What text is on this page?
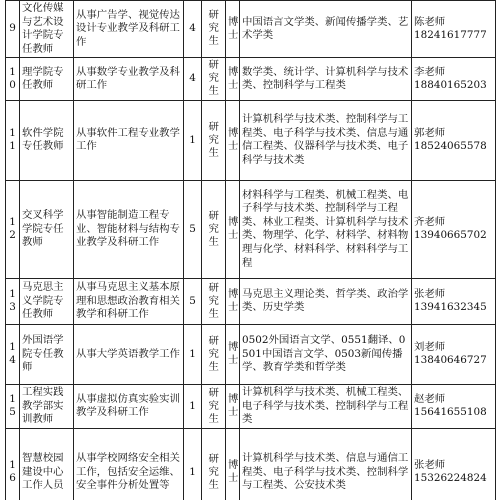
9	文化传媒与艺术设计学院专任教师	从事广告学、视觉传达设计专业教学及科研工作	4	研究生	博士	中国语言文学类、新闻传播学类、艺术学类	陈老师
18241617777

10	理学院专任教师	从事数学专业教学及科研工作	4	研究生	博士	数学类、统计学、计算机科学与技术类、控制科学与工程类	李老师
18840165203

11	软件学院专任教师	从事软件工程专业教学工作	1	研究生	博士	计算机科学与技术类、控制科学与工程类、电子科学与技术类、信息与通信工程类、仪器科学与技术类、电子科学与技术类	郭老师
18524065578

12	交叉科学学院专任教师	从事智能制造工程专业、智能材料与结构专业教学及科研工作	5	研究生	博士	材料科学与工程类、机械工程类、电子科学与技术类、控制科学与工程类、林业工程类、计算机科学与技术类、物理学、化学、材料学、材料物理与化学、材料科学、材料科学与工程	齐老师
13940665702

13	马克思主义学院专任教师	从事马克思主义基本原理和思想政治教育相关教学和科研工作	5	研究生	博士	马克思主义理论类、哲学类、政治学类、历史学类	张老师
13941632345

14	外国语学院专任教师	从事大学英语教学工作	1	研究生	博士	0502外国语言文学、0551翻译、0501中国语言文学、0503新闻传播学、教育学类和哲学类	刘老师
13840646727

15	工程实践教学部实训教师	从事虚拟仿真实验实训教学及科研工作	1	研究生	博士	计算机科学与技术类、机械工程类、电子科学与技术类、控制科学与工程类	赵老师
15641655108

16	智慧校园建设中心工作人员	从事学校网络安全相关工作，包括安全运维、安全事件分析处置等	1	研究生	博士	计算机科学与技术类、信息与通信工程类、电子科学与技术类、控制科学与工程类、公安技术类	张老师
15326224824
